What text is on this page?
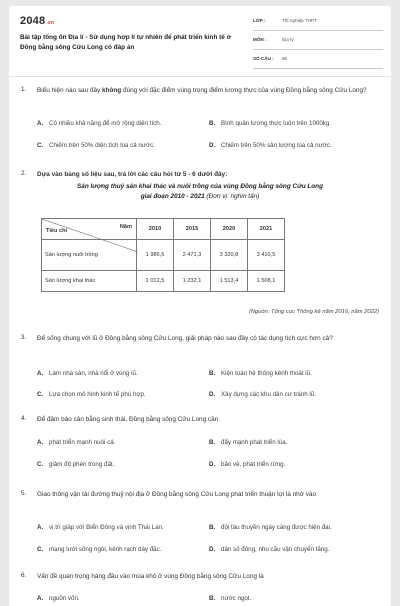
2048.vn
Bài tập tổng ôn Địa lí - Sử dụng hợp lí tự nhiên để phát triển kinh tế ở Đồng bằng sông Cửu Long có đáp án
LỚP :	Tốt nghiệp THPT
MÔN :	Địa lý
SỐ CÂU : 86
1. Biểu hiện nào sau đây không đúng với đặc điểm vùng trọng điểm lương thực của vùng Đồng bằng sông Cửu Long?
A. Có nhiều khả năng để mở rộng diện tích.	B. Bình quân lương thực luôn trên 1000kg.
C. Chiếm trên 50% diện tích lúa cả nước.	D. Chiếm trên 50% sản lượng lúa cả nước.
2. Dựa vào bảng số liệu sau, trả lời các câu hỏi từ 5 - 6 dưới đây:
Sản lượng thuỷ sản khai thác và nuôi trồng của vùng Đồng bằng sông Cửu Long
giai đoạn 2010 - 2021 (Đơn vị: nghìn tấn)
Năm
Tiêu chí	2010	2015	2020	2021
Sản lượng nuôi trồng	1 986,6	2 471,3	3 320,8	3 410,5
Sản lượng khai thác	1 012,5	1 232,1	1 513,4	1 508,1
(Nguồn: Tổng cục Thống kê năm 2016, năm 2022)
3. Để sống chung với lũ ở Đồng bằng sông Cửu Long, giải pháp nào sau đây có tác dụng tích cực hơn cả?
A. Làm nhà sàn, nhà nổi ở vùng lũ.	B. Kiện toàn hệ thống kênh thoát lũ.
C. Lựa chọn mô hình kinh tế phù hợp.	D. Xây dựng các khu dân cư tránh lũ.
4. Để đảm bảo cân bằng sinh thái, Đồng bằng sông Cửu Long cần
A. phát triển mạnh nuôi cá.	B. đẩy mạnh phát triển lúa.
C. giảm độ phèn trong đất.	D. bảo vệ, phát triển rừng.
5. Giao thông vận tải đường thuỷ nội địa ở Đồng bằng sông Cửu Long phát triển thuận lợi là nhờ vào
A. vị trí giáp với Biển Đông và vịnh Thái Lan.	B. đội tàu thuyền ngày càng được hiện đại.
C. mạng lưới sông ngòi, kênh rạch dày đặc.	D. dân số đông, nhu cầu vận chuyển tăng.
6. Vấn đề quan trọng hàng đầu vào mùa khô ở vùng Đồng bằng sông Cửu Long là
A. nguồn vốn.	B. nước ngọt.
